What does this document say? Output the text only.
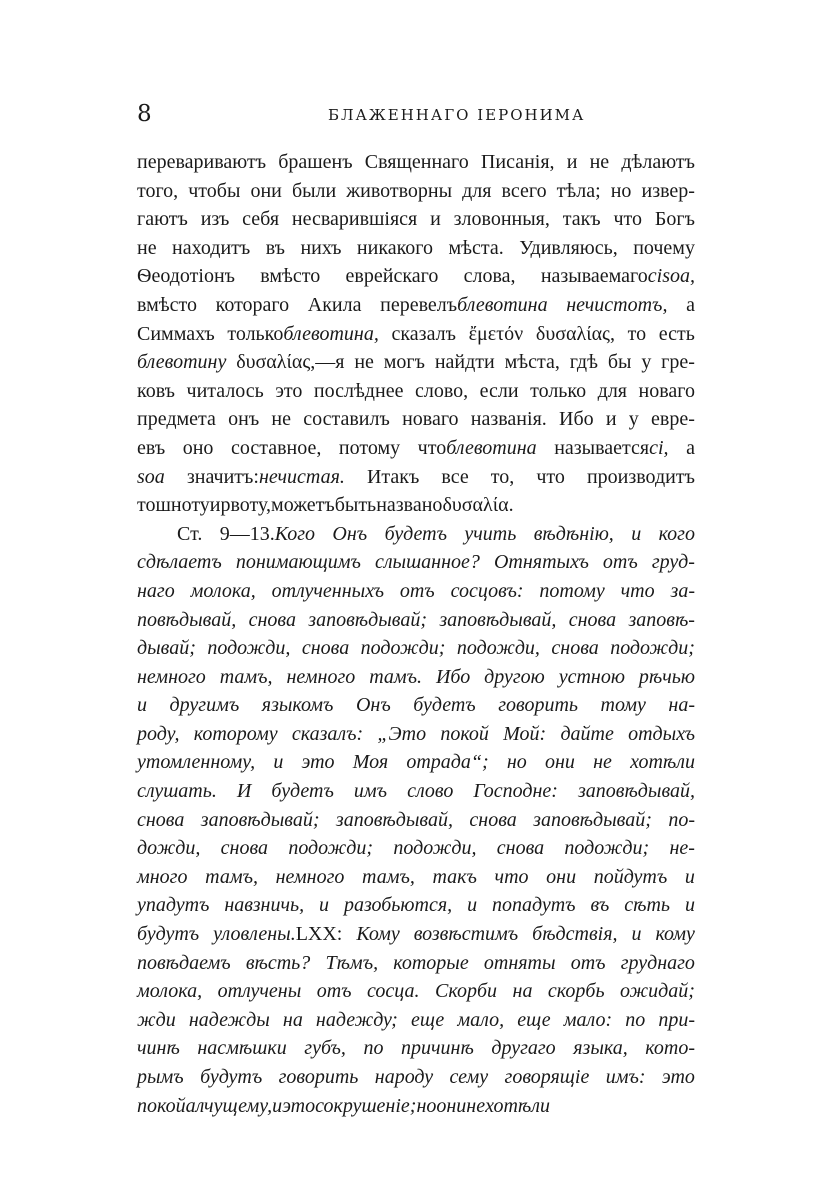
8	БЛАЖЕННАГО ІЕРОНИМА
перевариваютъ брашенъ Священнаго Писанія, и не дѣлаютъ
того, чтобы они были животворны для всего тѣла; но извер-
гаютъ изъ себя несварившіяся и зловонныя, такъ что Богъ
не находитъ въ нихъ никакого мѣста. Удивляюсь, почему
Ѳеодотіонъ вмѣсто еврейскаго слова, называемагоcisoa,
вмѣсто котораго Акила перевелъблевотина нечистотъ, а
Симмахъ толькоблевотина, сказалъ ἔμετόν δυσαλίας, то есть
блевотину δυσαλίας,—я не могъ найдти мѣста, гдѣ бы у гре-
ковъ читалось это послѣднее слово, если только для новаго
предмета онъ не составилъ новаго названія. Ибо и у евре-
евъ оно составное, потому чтоблевотина называетсяci, а
soa значитъ:нечистая. Итакъ все то, что производитъ
тошноту и рвоту, можетъ быть названо δυσαλία.
Ст. 9—13.Кого Онъ будетъ учить вѣдѣнію, и кого
сдѣлаетъ понимающимъ слышанное? Отнятыхъ отъ груд-
наго молока, отлученныхъ отъ сосцовъ: потому что за-
повѣдывай, снова заповѣдывай; заповѣдывай, снова заповѣ-
дывай; подожди, снова подожди; подожди, снова подожди;
немного тамъ, немного тамъ. Ибо другою устною рѣчью
и другимъ языкомъ Онъ будетъ говорить тому на-
роду, которому сказалъ: „Это покой Мой: дайте отдыхъ
утомленному, и это Моя отрада“; но они не хотѣли
слушать. И будетъ имъ слово Господне: заповѣдывай,
снова заповѣдывай; заповѣдывай, снова заповѣдывай; по-
дожди, снова подожди; подожди, снова подожди; не-
много тамъ, немного тамъ, такъ что они пойдутъ и
упадутъ навзничь, и разобьются, и попадутъ въ сѣть и
будутъ уловлены.LXX: Кому возвѣстимъ бѣдствія, и кому
повѣдаемъ вѣсть? Тѣмъ, которые отняты отъ груднаго
молока, отлучены отъ сосца. Скорби на скорбь ожидай;
жди надежды на надежду; еще мало, еще мало: по при-
чинѣ насмѣшки губъ, по причинѣ другаго языка, кото-
рымъ будутъ говорить народу сему говорящіе имъ: это
покой алчущему, и это сокрушеніе; но они не хотѣли
